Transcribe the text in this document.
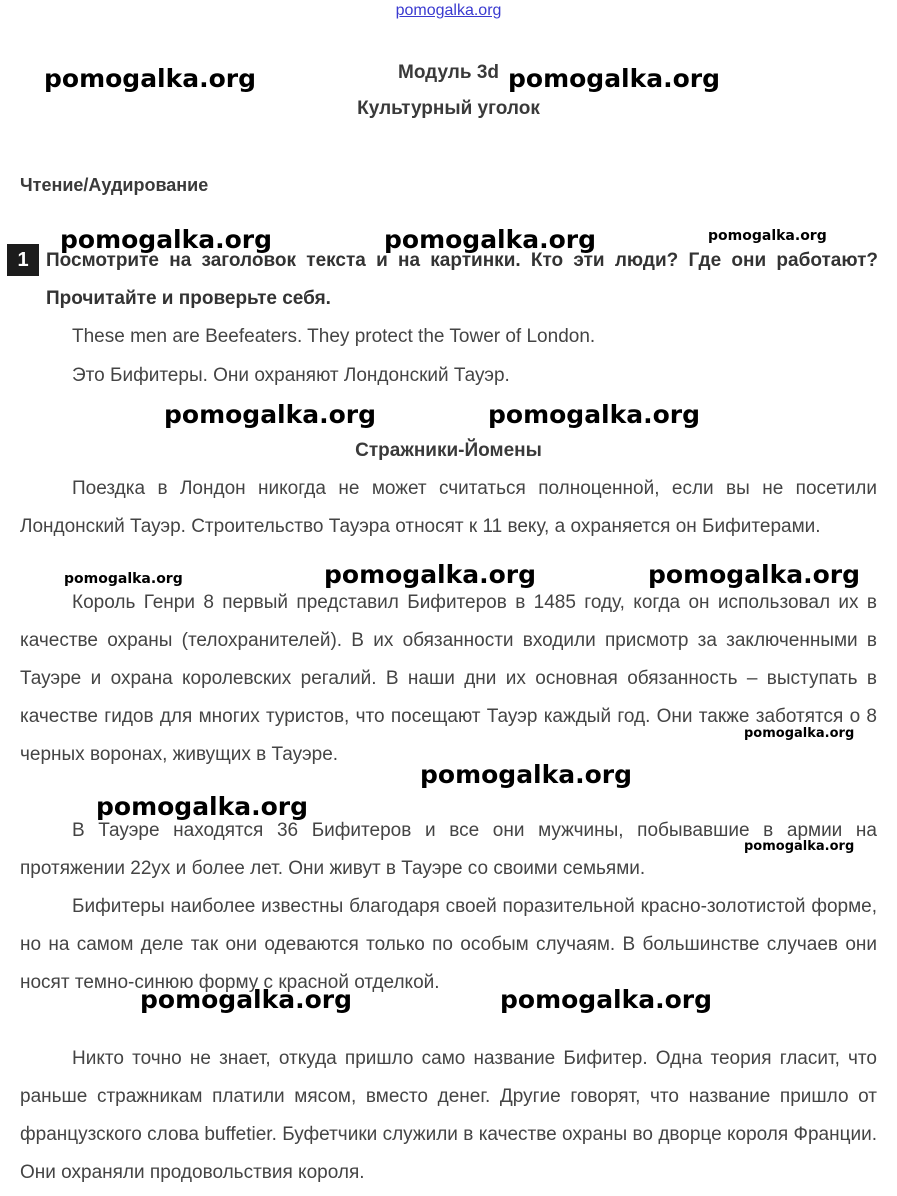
pomogalka.org
Модуль 3d
Культурный уголок
Чтение/Аудирование
1 Посмотрите на заголовок текста и на картинки. Кто эти люди? Где они работают? Прочитайте и проверьте себя.
These men are Beefeaters. They protect the Tower of London.
Это Бифитеры. Они охраняют Лондонский Тауэр.
Стражники-Йомены
Поездка в Лондон никогда не может считаться полноценной, если вы не посетили Лондонский Тауэр. Строительство Тауэра относят к 11 веку, а охраняется он Бифитерами.
Король Генри 8 первый представил Бифитеров в 1485 году, когда он использовал их в качестве охраны (телохранителей). В их обязанности входили присмотр за заключенными в Тауэре и охрана королевских регалий. В наши дни их основная обязанность – выступать в качестве гидов для многих туристов, что посещают Тауэр каждый год. Они также заботятся о 8 черных воронах, живущих в Тауэре.
В Тауэре находятся 36 Бифитеров и все они мужчины, побывавшие в армии на протяжении 22ух и более лет. Они живут в Тауэре со своими семьями.
Бифитеры наиболее известны благодаря своей поразительной красно-золотистой форме, но на самом деле так они одеваются только по особым случаям. В большинстве случаев они носят темно-синюю форму с красной отделкой.
Никто точно не знает, откуда пришло само название Бифитер. Одна теория гласит, что раньше стражникам платили мясом, вместо денег. Другие говорят, что название пришло от французского слова buffetier. Буфетчики служили в качестве охраны во дворце короля Франции. Они охраняли продовольствия короля.
pomogalka.org	pomogalka.org
pomogalka.org	pomogalka.org	pomogalka.org
pomogalka.org	pomogalka.org
pomogalka.org	pomogalka.org	pomogalka.org
pomogalka.org
pomogalka.org
pomogalka.org
pomogalka.org
pomogalka.org	pomogalka.org
